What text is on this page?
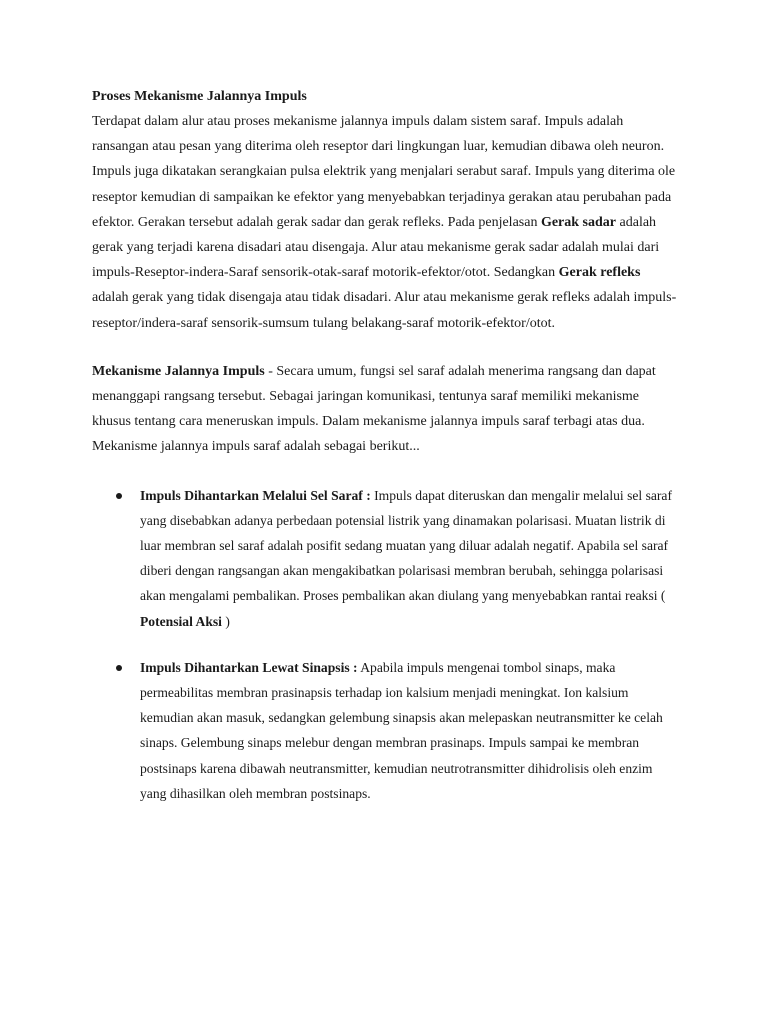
Proses Mekanisme Jalannya Impuls

Terdapat dalam alur atau proses mekanisme jalannya impuls dalam sistem saraf. Impuls adalah ransangan atau pesan yang diterima oleh reseptor dari lingkungan luar, kemudian dibawa oleh neuron. Impuls juga dikatakan serangkaian pulsa elektrik yang menjalari serabut saraf. Impuls yang diterima ole reseptor kemudian di sampaikan ke efektor yang menyebabkan terjadinya gerakan atau perubahan pada efektor. Gerakan tersebut adalah gerak sadar dan gerak refleks. Pada penjelasan Gerak sadar adalah gerak yang terjadi karena disadari atau disengaja. Alur atau mekanisme gerak sadar adalah mulai dari impuls-Reseptor-indera-Saraf sensorik-otak-saraf motorik-efektor/otot. Sedangkan Gerak refleks adalah gerak yang tidak disengaja atau tidak disadari. Alur atau mekanisme gerak refleks adalah impuls-reseptor/indera-saraf sensorik-sumsum tulang belakang-saraf motorik-efektor/otot.

Mekanisme Jalannya Impuls - Secara umum, fungsi sel saraf adalah menerima rangsang dan dapat menanggapi rangsang tersebut. Sebagai jaringan komunikasi, tentunya saraf memiliki mekanisme khusus tentang cara meneruskan impuls. Dalam mekanisme jalannya impuls saraf terbagi atas dua. Mekanisme jalannya impuls saraf adalah sebagai berikut...

Impuls Dihantarkan Melalui Sel Saraf : Impuls dapat diteruskan dan mengalir melalui sel saraf yang disebabkan adanya perbedaan potensial listrik yang dinamakan polarisasi. Muatan listrik di luar membran sel saraf adalah posifit sedang muatan yang diluar adalah negatif. Apabila sel saraf diberi dengan rangsangan akan mengakibatkan polarisasi membran berubah, sehingga polarisasi akan mengalami pembalikan. Proses pembalikan akan diulang yang menyebabkan rantai reaksi ( Potensial Aksi )
Impuls Dihantarkan Lewat Sinapsis : Apabila impuls mengenai tombol sinaps, maka permeabilitas membran prasinapsis terhadap ion kalsium menjadi meningkat. Ion kalsium kemudian akan masuk, sedangkan gelembung sinapsis akan melepaskan neutransmitter ke celah sinaps. Gelembung sinaps melebur dengan membran prasinaps. Impuls sampai ke membran postsinaps karena dibawah neutransmitter, kemudian neutrotransmitter dihidrolisis oleh enzim yang dihasilkan oleh membran postsinaps.
